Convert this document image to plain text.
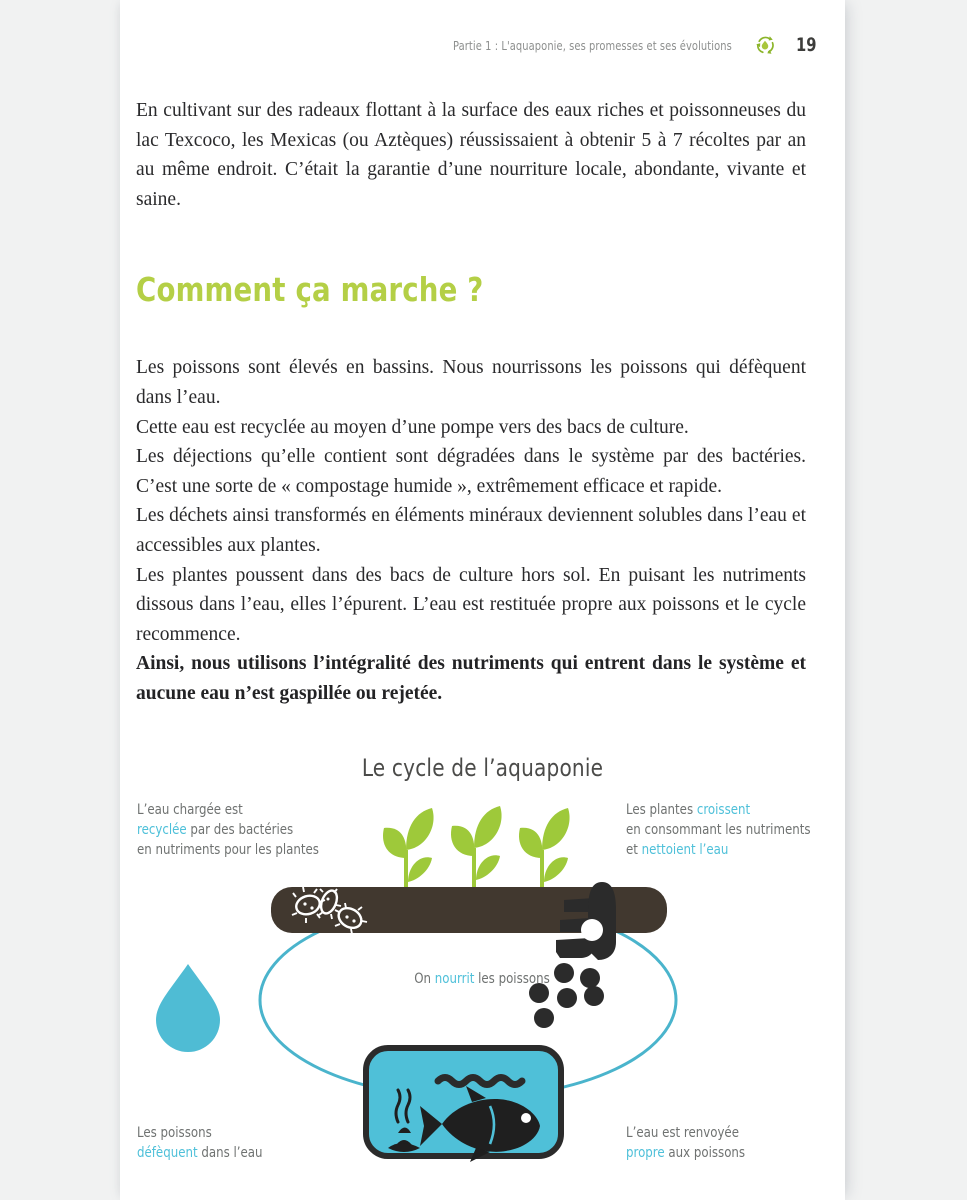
Partie 1 : L'aquaponie, ses promesses et ses évolutions	19

En cultivant sur des radeaux flottant à la surface des eaux riches et poissonneuses du lac Texcoco, les Mexicas (ou Aztèques) réussissaient à obtenir 5 à 7 récoltes par an au même endroit. C’était la garantie d’une nourriture locale, abondante, vivante et saine.

Comment ça marche ?

Les poissons sont élevés en bassins. Nous nourrissons les poissons qui défèquent dans l’eau.

Cette eau est recyclée au moyen d’une pompe vers des bacs de culture.

Les déjections qu’elle contient sont dégradées dans le système par des bactéries. C’est une sorte de « compostage humide », extrêmement efficace et rapide.

Les déchets ainsi transformés en éléments minéraux deviennent solubles dans l’eau et accessibles aux plantes.

Les plantes poussent dans des bacs de culture hors sol. En puisant les nutriments dissous dans l’eau, elles l’épurent. L’eau est restituée propre aux poissons et le cycle recommence.

Ainsi, nous utilisons l’intégralité des nutriments qui entrent dans le système et aucune eau n’est gaspillée ou rejetée.

Le cycle de l’aquaponie
L’eau chargée est
recyclée par des bactéries
en nutriments pour les plantes
Les plantes croissent
en consommant les nutriments
et nettoient l’eau
Les poissons
défèquent dans l’eau
L’eau est renvoyée
propre aux poissons
On nourrit les poissons
